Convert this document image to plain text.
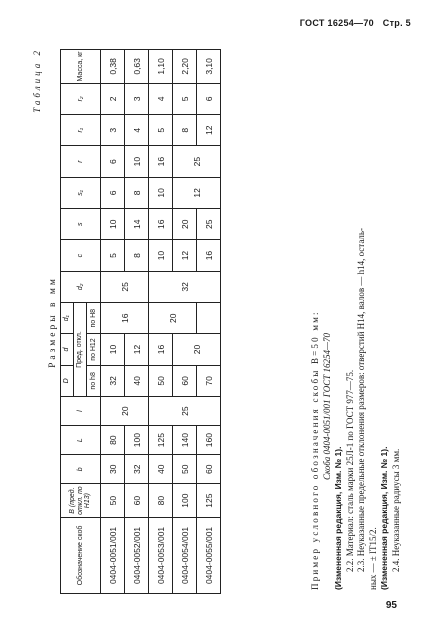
ГОСТ 16254—70 Стр. 5
Таблица 2
Размеры в мм
Обозначение скоб	B (пред. откл. по H13)	b	L	l	D	d	d₁	d₂	c	s	s₁	r	r₁	r₂	Масса, кг
					Пред. откл.										
					по h8	по H12	по H8								
0404-0051/001	50	30	80	20	32	10	16	25	5	10	6	6	3	2	0,38
0404-0052/001	60	32	100		40	12			8	14	8	10	4	3	0,63
0404-0053/001	80	40	125	25	50	16	20	32	10	16	10	16	5	4	1,10
0404-0054/001	100	50	140		60	20			12	20	12	25	8	5	2,20
0404-0055/001	125	60	160		70				16	25			12	6	3,10
Пример условного обозначения скобы B=50 мм: Скоба 0404-0051/001 ГОСТ 16254—70
(Измененная редакция, Изм. № 1). 2.2. Материал: сталь марки 25Л-1 по ГОСТ 977—75. 2.3. Неуказанные предельные отклонения размеров: отверстий H14, валов — h14, осталь- ных — ± IT15/2. (Измененная редакция, Изм. № 1). 2.4. Неуказанные радиусы 3 мм.
95
